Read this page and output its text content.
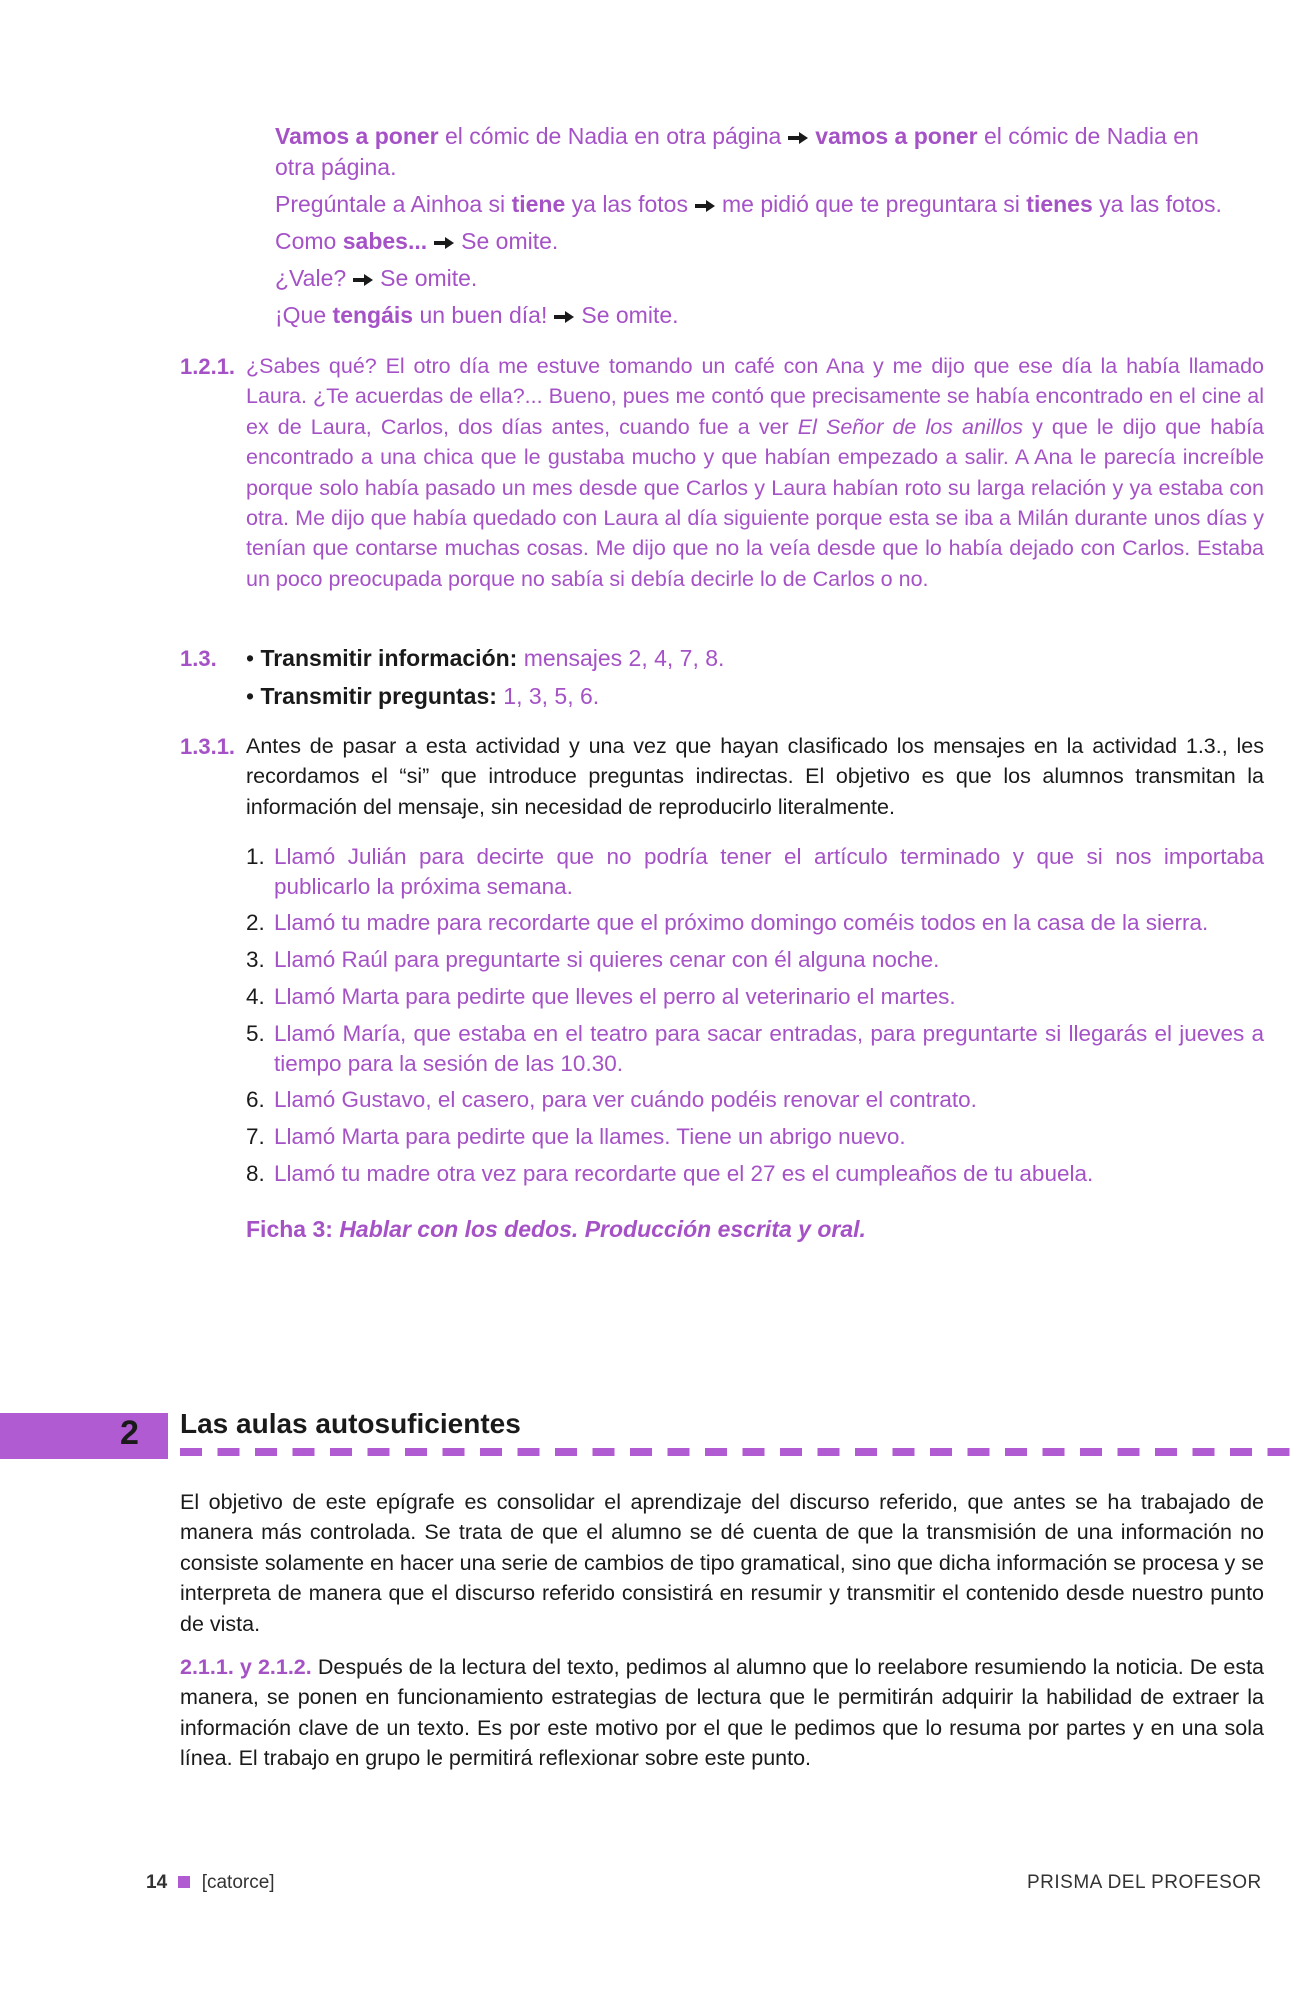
Vamos a poner el cómic de Nadia en otra página vamos a poner el cómic de Nadia en
otra página.
Pregúntale a Ainhoa si tiene ya las fotos me pidió que te preguntara si tienes ya las fotos.
Como sabes... Se omite.
¿Vale? Se omite.
¡Que tengáis un buen día! Se omite.
1.2.1. ¿Sabes qué? El otro día me estuve tomando un café con Ana y me dijo que ese día la había llamado Laura. ¿Te acuerdas de ella?... Bueno, pues me contó que precisamente se había encontrado en el cine al ex de Laura, Carlos, dos días antes, cuando fue a ver El Señor de los anillos y que le dijo que había encontrado a una chica que le gustaba mucho y que habían empezado a salir. A Ana le parecía increíble porque solo había pasado un mes desde que Carlos y Laura habían roto su larga relación y ya estaba con otra. Me dijo que había quedado con Laura al día siguiente porque esta se iba a Milán durante unos días y tenían que contarse muchas cosas. Me dijo que no la veía desde que lo había dejado con Carlos. Estaba un poco preocupada porque no sabía si debía decirle lo de Carlos o no.
1.3. • Transmitir información: mensajes 2, 4, 7, 8.
• Transmitir preguntas: 1, 3, 5, 6.
1.3.1. Antes de pasar a esta actividad y una vez que hayan clasificado los mensajes en la actividad 1.3., les recordamos el “si” que introduce preguntas indirectas. El objetivo es que los alumnos transmitan la información del mensaje, sin necesidad de reproducirlo literalmente.
1. Llamó Julián para decirte que no podría tener el artículo terminado y que si nos importaba publicarlo la próxima semana.
2. Llamó tu madre para recordarte que el próximo domingo coméis todos en la casa de la sierra.
3. Llamó Raúl para preguntarte si quieres cenar con él alguna noche.
4. Llamó Marta para pedirte que lleves el perro al veterinario el martes.
5. Llamó María, que estaba en el teatro para sacar entradas, para preguntarte si llegarás el jueves a tiempo para la sesión de las 10.30.
6. Llamó Gustavo, el casero, para ver cuándo podéis renovar el contrato.
7. Llamó Marta para pedirte que la llames. Tiene un abrigo nuevo.
8. Llamó tu madre otra vez para recordarte que el 27 es el cumpleaños de tu abuela.
Ficha 3: Hablar con los dedos. Producción escrita y oral.
2 Las aulas autosuficientes
El objetivo de este epígrafe es consolidar el aprendizaje del discurso referido, que antes se ha trabajado de manera más controlada. Se trata de que el alumno se dé cuenta de que la transmisión de una información no consiste solamente en hacer una serie de cambios de tipo gramatical, sino que dicha información se procesa y se interpreta de manera que el discurso referido consistirá en resumir y transmitir el contenido desde nuestro punto de vista.
2.1.1. y 2.1.2. Después de la lectura del texto, pedimos al alumno que lo reelabore resumiendo la noticia. De esta manera, se ponen en funcionamiento estrategias de lectura que le permitirán adquirir la habilidad de extraer la información clave de un texto. Es por este motivo por el que le pedimos que lo resuma por partes y en una sola línea. El trabajo en grupo le permitirá reflexionar sobre este punto.
14 [catorce]	PRISMA DEL PROFESOR
